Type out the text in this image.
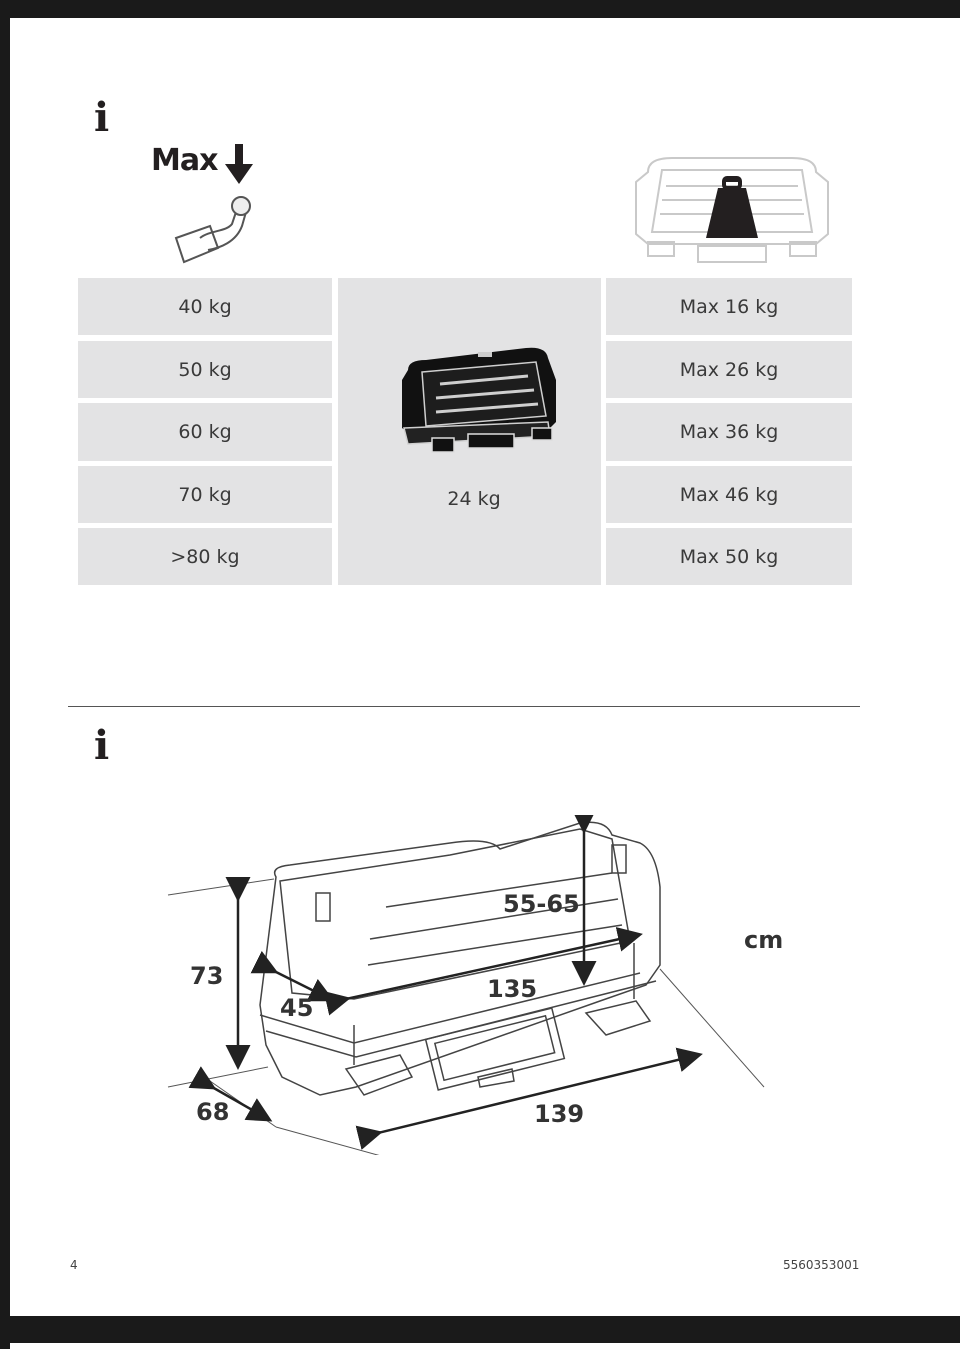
i
Max
40 kg
50 kg
60 kg
70 kg
>80 kg
24 kg
Max 16 kg
Max 26 kg
Max 36 kg
Max 46 kg
Max 50 kg
i
73
68	139
135
45
55-65
cm
4	5560353001
